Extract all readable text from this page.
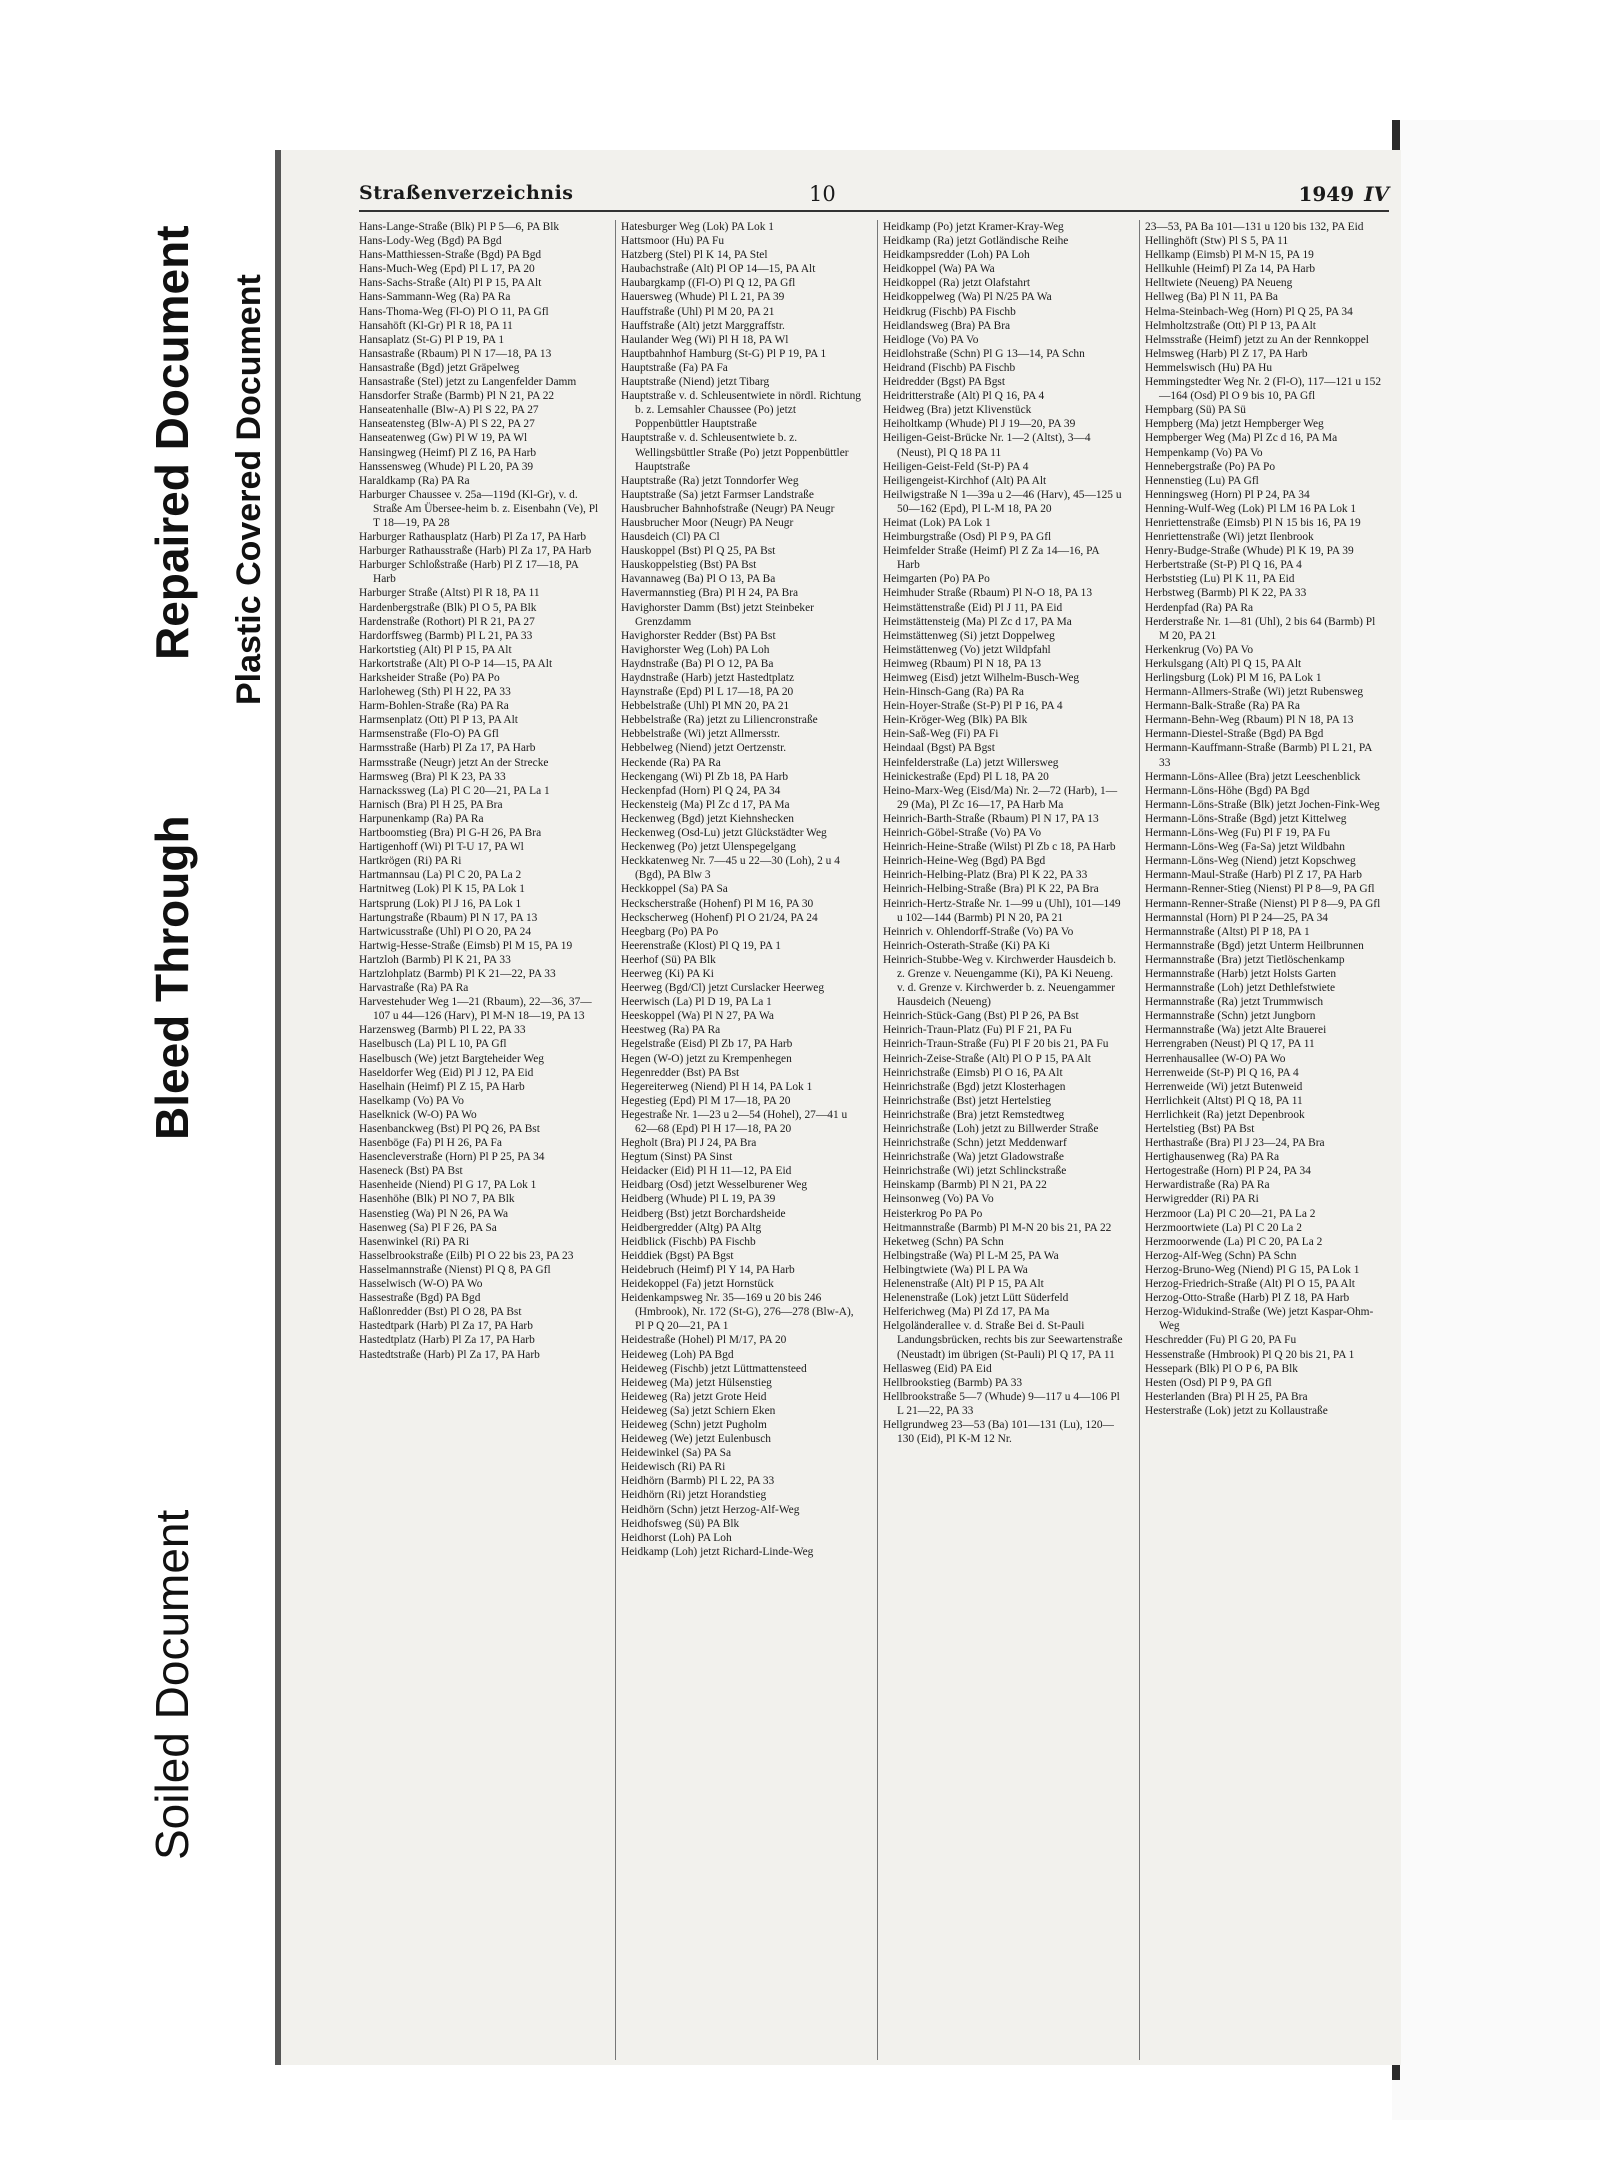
Soiled Document
Bleed Through
Repaired Document Plastic Covered Document
Straßenverzeichnis	10	1949 IV

Hans-Lange-Straße (Blk) Pl P 5—6, PA Blk

Hans-Lody-Weg (Bgd) PA Bgd

Hans-Matthiessen-Straße (Bgd) PA Bgd

Hans-Much-Weg (Epd) Pl L 17, PA 20

Hans-Sachs-Straße (Alt) Pl P 15, PA Alt

Hans-Sammann-Weg (Ra) PA Ra

Hans-Thoma-Weg (Fl-O) Pl O 11, PA Gfl

Hansahöft (Kl-Gr) Pl R 18, PA 11

Hansaplatz (St-G) Pl P 19, PA 1

Hansastraße (Rbaum) Pl N 17—18, PA 13

Hansastraße (Bgd) jetzt Gräpelweg

Hansastraße (Stel) jetzt zu Langenfelder Damm

Hansdorfer Straße (Barmb) Pl N 21, PA 22

Hanseatenhalle (Blw-A) Pl S 22, PA 27

Hanseatensteg (Blw-A) Pl S 22, PA 27

Hanseatenweg (Gw) Pl W 19, PA Wl

Hansingweg (Heimf) Pl Z 16, PA Harb

Hanssensweg (Whude) Pl L 20, PA 39

Haraldkamp (Ra) PA Ra

Harburger Chaussee v. 25a—119d (Kl-Gr), v. d. Straße Am Übersee-heim b. z. Eisenbahn (Ve), Pl T 18—19, PA 28

Harburger Rathausplatz (Harb) Pl Za 17, PA Harb

Harburger Rathausstraße (Harb) Pl Za 17, PA Harb

Harburger Schloßstraße (Harb) Pl Z 17—18, PA Harb

Harburger Straße (Altst) Pl R 18, PA 11

Hardenbergstraße (Blk) Pl O 5, PA Blk

Hardenstraße (Rothort) Pl R 21, PA 27

Hardorffsweg (Barmb) Pl L 21, PA 33

Harkortstieg (Alt) Pl P 15, PA Alt

Harkortstraße (Alt) Pl O-P 14—15, PA Alt

Harksheider Straße (Po) PA Po

Harloheweg (Sth) Pl H 22, PA 33

Harm-Bohlen-Straße (Ra) PA Ra

Harmsenplatz (Ott) Pl P 13, PA Alt

Harmsenstraße (Flo-O) PA Gfl

Harmsstraße (Harb) Pl Za 17, PA Harb

Harmsstraße (Neugr) jetzt An der Strecke

Harmsweg (Bra) Pl K 23, PA 33

Harnackssweg (La) Pl C 20—21, PA La 1

Harnisch (Bra) Pl H 25, PA Bra

Harpunenkamp (Ra) PA Ra

Hartboomstieg (Bra) Pl G-H 26, PA Bra

Hartigenhoff (Wi) Pl T-U 17, PA Wl

Hartkrögen (Ri) PA Ri

Hartmannsau (La) Pl C 20, PA La 2

Hartnitweg (Lok) Pl K 15, PA Lok 1

Hartsprung (Lok) Pl J 16, PA Lok 1

Hartungstraße (Rbaum) Pl N 17, PA 13

Hartwicusstraße (Uhl) Pl O 20, PA 24

Hartwig-Hesse-Straße (Eimsb) Pl M 15, PA 19

Hartzloh (Barmb) Pl K 21, PA 33

Hartzlohplatz (Barmb) Pl K 21—22, PA 33

Harvastraße (Ra) PA Ra

Harvestehuder Weg 1—21 (Rbaum), 22—36, 37—107 u 44—126 (Harv), Pl M-N 18—19, PA 13

Harzensweg (Barmb) Pl L 22, PA 33

Haselbusch (La) Pl L 10, PA Gfl

Haselbusch (We) jetzt Bargteheider Weg

Haseldorfer Weg (Eid) Pl J 12, PA Eid

Haselhain (Heimf) Pl Z 15, PA Harb

Haselkamp (Vo) PA Vo

Haselknick (W-O) PA Wo

Hasenbanckweg (Bst) Pl PQ 26, PA Bst

Hasenböge (Fa) Pl H 26, PA Fa

Hasencleverstraße (Horn) Pl P 25, PA 34

Haseneck (Bst) PA Bst

Hasenheide (Niend) Pl G 17, PA Lok 1

Hasenhöhe (Blk) Pl NO 7, PA Blk

Hasenstieg (Wa) Pl N 26, PA Wa

Hasenweg (Sa) Pl F 26, PA Sa

Hasenwinkel (Ri) PA Ri

Hasselbrookstraße (Eilb) Pl O 22 bis 23, PA 23

Hasselmannstraße (Nienst) Pl Q 8, PA Gfl

Hasselwisch (W-O) PA Wo

Hassestraße (Bgd) PA Bgd

Haßlonredder (Bst) Pl O 28, PA Bst

Hastedtpark (Harb) Pl Za 17, PA Harb

Hastedtplatz (Harb) Pl Za 17, PA Harb

Hastedtstraße (Harb) Pl Za 17, PA Harb

Hatesburger Weg (Lok) PA Lok 1

Hattsmoor (Hu) PA Fu

Hatzberg (Stel) Pl K 14, PA Stel

Haubachstraße (Alt) Pl OP 14—15, PA Alt

Haubargkamp ((Fl-O) Pl Q 12, PA Gfl

Hauersweg (Whude) Pl L 21, PA 39

Hauffstraße (Uhl) Pl M 20, PA 21

Hauffstraße (Alt) jetzt Marggraffstr.

Haulander Weg (Wi) Pl H 18, PA Wl

Hauptbahnhof Hamburg (St-G) Pl P 19, PA 1

Hauptstraße (Fa) PA Fa

Hauptstraße (Niend) jetzt Tibarg

Hauptstraße v. d. Schleusentwiete in nördl. Richtung b. z. Lemsahler Chaussee (Po) jetzt Poppenbüttler Hauptstraße

Hauptstraße v. d. Schleusentwiete b. z. Wellingsbüttler Straße (Po) jetzt Poppenbüttler Hauptstraße

Hauptstraße (Ra) jetzt Tonndorfer Weg

Hauptstraße (Sa) jetzt Farmser Landstraße

Hausbrucher Bahnhofstraße (Neugr) PA Neugr

Hausbrucher Moor (Neugr) PA Neugr

Hausdeich (Cl) PA Cl

Hauskoppel (Bst) Pl Q 25, PA Bst

Hauskoppelstieg (Bst) PA Bst

Havannaweg (Ba) Pl O 13, PA Ba

Havermannstieg (Bra) Pl H 24, PA Bra

Havighorster Damm (Bst) jetzt Steinbeker Grenzdamm

Havighorster Redder (Bst) PA Bst

Havighorster Weg (Loh) PA Loh

Haydnstraße (Ba) Pl O 12, PA Ba

Haydnstraße (Harb) jetzt Hastedtplatz

Haynstraße (Epd) Pl L 17—18, PA 20

Hebbelstraße (Uhl) Pl MN 20, PA 21

Hebbelstraße (Ra) jetzt zu Liliencronstraße

Hebbelstraße (Wi) jetzt Allmersstr.

Hebbelweg (Niend) jetzt Oertzenstr.

Heckende (Ra) PA Ra

Heckengang (Wi) Pl Zb 18, PA Harb

Heckenpfad (Horn) Pl Q 24, PA 34

Heckensteig (Ma) Pl Zc d 17, PA Ma

Heckenweg (Bgd) jetzt Kiehnshecken

Heckenweg (Osd-Lu) jetzt Glückstädter Weg

Heckenweg (Po) jetzt Ulenspegelgang

Heckkatenweg Nr. 7—45 u 22—30 (Loh), 2 u 4 (Bgd), PA Blw 3

Heckkoppel (Sa) PA Sa

Heckscherstraße (Hohenf) Pl M 16, PA 30

Heckscherweg (Hohenf) Pl O 21/24, PA 24

Heegbarg (Po) PA Po

Heerenstraße (Klost) Pl Q 19, PA 1

Heerhof (Sü) PA Blk

Heerweg (Ki) PA Ki

Heerweg (Bgd/Cl) jetzt Curslacker Heerweg

Heerwisch (La) Pl D 19, PA La 1

Heeskoppel (Wa) Pl N 27, PA Wa

Heestweg (Ra) PA Ra

Hegelstraße (Eisd) Pl Zb 17, PA Harb

Hegen (W-O) jetzt zu Krempenhegen

Hegenredder (Bst) PA Bst

Hegereiterweg (Niend) Pl H 14, PA Lok 1

Hegestieg (Epd) Pl M 17—18, PA 20

Hegestraße Nr. 1—23 u 2—54 (Hohel), 27—41 u 62—68 (Epd) Pl H 17—18, PA 20

Hegholt (Bra) Pl J 24, PA Bra

Hegtum (Sinst) PA Sinst

Heidacker (Eid) Pl H 11—12, PA Eid

Heidbarg (Osd) jetzt Wesselburener Weg

Heidberg (Whude) Pl L 19, PA 39

Heidberg (Bst) jetzt Borchardsheide

Heidbergredder (Altg) PA Altg

Heidblick (Fischb) PA Fischb

Heiddiek (Bgst) PA Bgst

Heidebruch (Heimf) Pl Y 14, PA Harb

Heidekoppel (Fa) jetzt Hornstück

Heidenkampsweg Nr. 35—169 u 20 bis 246 (Hmbrook), Nr. 172 (St-G), 276—278 (Blw-A), Pl P Q 20—21, PA 1

Heidestraße (Hohel) Pl M/17, PA 20

Heideweg (Loh) PA Bgd

Heideweg (Fischb) jetzt Lüttmattensteed

Heideweg (Ma) jetzt Hülsenstieg

Heideweg (Ra) jetzt Grote Heid

Heideweg (Sa) jetzt Schiern Eken

Heideweg (Schn) jetzt Pugholm

Heideweg (We) jetzt Eulenbusch

Heidewinkel (Sa) PA Sa

Heidewisch (Ri) PA Ri

Heidhörn (Barmb) Pl L 22, PA 33

Heidhörn (Ri) jetzt Horandstieg

Heidhörn (Schn) jetzt Herzog-Alf-Weg

Heidhofsweg (Sü) PA Blk

Heidhorst (Loh) PA Loh

Heidkamp (Loh) jetzt Richard-Linde-Weg

Heidkamp (Po) jetzt Kramer-Kray-Weg

Heidkamp (Ra) jetzt Gotländische Reihe

Heidkampsredder (Loh) PA Loh

Heidkoppel (Wa) PA Wa

Heidkoppel (Ra) jetzt Olafstahrt

Heidkoppelweg (Wa) Pl N/25 PA Wa

Heidkrug (Fischb) PA Fischb

Heidlandsweg (Bra) PA Bra

Heidloge (Vo) PA Vo

Heidlohstraße (Schn) Pl G 13—14, PA Schn

Heidrand (Fischb) PA Fischb

Heidredder (Bgst) PA Bgst

Heidritterstraße (Alt) Pl Q 16, PA 4

Heidweg (Bra) jetzt Klivenstück

Heiholtkamp (Whude) Pl J 19—20, PA 39

Heiligen-Geist-Brücke Nr. 1—2 (Altst), 3—4 (Neust), Pl Q 18 PA 11

Heiligen-Geist-Feld (St-P) PA 4

Heiligengeist-Kirchhof (Alt) PA Alt

Heilwigstraße N 1—39a u 2—46 (Harv), 45—125 u 50—162 (Epd), Pl L-M 18, PA 20

Heimat (Lok) PA Lok 1

Heimburgstraße (Osd) Pl P 9, PA Gfl

Heimfelder Straße (Heimf) Pl Z Za 14—16, PA Harb

Heimgarten (Po) PA Po

Heimhuder Straße (Rbaum) Pl N-O 18, PA 13

Heimstättenstraße (Eid) Pl J 11, PA Eid

Heimstättensteig (Ma) Pl Zc d 17, PA Ma

Heimstättenweg (Si) jetzt Doppelweg

Heimstättenweg (Vo) jetzt Wildpfahl

Heimweg (Rbaum) Pl N 18, PA 13

Heimweg (Eisd) jetzt Wilhelm-Busch-Weg

Hein-Hinsch-Gang (Ra) PA Ra

Hein-Hoyer-Straße (St-P) Pl P 16, PA 4

Hein-Kröger-Weg (Blk) PA Blk

Hein-Saß-Weg (Fi) PA Fi

Heindaal (Bgst) PA Bgst

Heinfelderstraße (La) jetzt Willersweg

Heinickestraße (Epd) Pl L 18, PA 20

Heino-Marx-Weg (Eisd/Ma) Nr. 2—72 (Harb), 1—29 (Ma), Pl Zc 16—17, PA Harb Ma

Heinrich-Barth-Straße (Rbaum) Pl N 17, PA 13

Heinrich-Göbel-Straße (Vo) PA Vo

Heinrich-Heine-Straße (Wilst) Pl Zb c 18, PA Harb

Heinrich-Heine-Weg (Bgd) PA Bgd

Heinrich-Helbing-Platz (Bra) Pl K 22, PA 33

Heinrich-Helbing-Straße (Bra) Pl K 22, PA Bra

Heinrich-Hertz-Straße Nr. 1—99 u (Uhl), 101—149 u 102—144 (Barmb) Pl N 20, PA 21

Heinrich v. Ohlendorff-Straße (Vo) PA Vo

Heinrich-Osterath-Straße (Ki) PA Ki

Heinrich-Stubbe-Weg v. Kirchwerder Hausdeich b. z. Grenze v. Neuengamme (Ki), PA Ki Neueng. v. d. Grenze v. Kirchwerder b. z. Neuengammer Hausdeich (Neueng)

Heinrich-Stück-Gang (Bst) Pl P 26, PA Bst

Heinrich-Traun-Platz (Fu) Pl F 21, PA Fu

Heinrich-Traun-Straße (Fu) Pl F 20 bis 21, PA Fu

Heinrich-Zeise-Straße (Alt) Pl O P 15, PA Alt

Heinrichstraße (Eimsb) Pl O 16, PA Alt

Heinrichstraße (Bgd) jetzt Klosterhagen

Heinrichstraße (Bst) jetzt Hertelstieg

Heinrichstraße (Bra) jetzt Remstedtweg

Heinrichstraße (Loh) jetzt zu Billwerder Straße

Heinrichstraße (Schn) jetzt Meddenwarf

Heinrichstraße (Wa) jetzt Gladowstraße

Heinrichstraße (Wi) jetzt Schlinckstraße

Heinskamp (Barmb) Pl N 21, PA 22

Heinsonweg (Vo) PA Vo

Heisterkrog Po PA Po

Heitmannstraße (Barmb) Pl M-N 20 bis 21, PA 22

Heketweg (Schn) PA Schn

Helbingstraße (Wa) Pl L-M 25, PA Wa

Helbingtwiete (Wa) Pl L PA Wa

Helenenstraße (Alt) Pl P 15, PA Alt

Helenenstraße (Lok) jetzt Lütt Süderfeld

Helferichweg (Ma) Pl Zd 17, PA Ma

Helgoländerallee v. d. Straße Bei d. St-Pauli Landungsbrücken, rechts bis zur Seewartenstraße (Neustadt) im übrigen (St-Pauli) Pl Q 17, PA 11

Hellasweg (Eid) PA Eid

Hellbrookstieg (Barmb) PA 33

Hellbrookstraße 5—7 (Whude) 9—117 u 4—106 Pl L 21—22, PA 33

Hellgrundweg 23—53 (Ba) 101—131 (Lu), 120—130 (Eid), Pl K-M 12 Nr.

23—53, PA Ba 101—131 u 120 bis 132, PA Eid

Hellinghöft (Stw) Pl S 5, PA 11

Hellkamp (Eimsb) Pl M-N 15, PA 19

Hellkuhle (Heimf) Pl Za 14, PA Harb

Helltwiete (Neueng) PA Neueng

Hellweg (Ba) Pl N 11, PA Ba

Helma-Steinbach-Weg (Horn) Pl Q 25, PA 34

Helmholtzstraße (Ott) Pl P 13, PA Alt

Helmsstraße (Heimf) jetzt zu An der Rennkoppel

Helmsweg (Harb) Pl Z 17, PA Harb

Hemmelswisch (Hu) PA Hu

Hemmingstedter Weg Nr. 2 (Fl-O), 117—121 u 152—164 (Osd) Pl O 9 bis 10, PA Gfl

Hempbarg (Sü) PA Sü

Hempberg (Ma) jetzt Hempberger Weg

Hempberger Weg (Ma) Pl Zc d 16, PA Ma

Hempenkamp (Vo) PA Vo

Hennebergstraße (Po) PA Po

Hennenstieg (Lu) PA Gfl

Henningsweg (Horn) Pl P 24, PA 34

Henning-Wulf-Weg (Lok) Pl LM 16 PA Lok 1

Henriettenstraße (Eimsb) Pl N 15 bis 16, PA 19

Henriettenstraße (Wi) jetzt Ilenbrook

Henry-Budge-Straße (Whude) Pl K 19, PA 39

Herbertstraße (St-P) Pl Q 16, PA 4

Herbststieg (Lu) Pl K 11, PA Eid

Herbstweg (Barmb) Pl K 22, PA 33

Herdenpfad (Ra) PA Ra

Herderstraße Nr. 1—81 (Uhl), 2 bis 64 (Barmb) Pl M 20, PA 21

Herkenkrug (Vo) PA Vo

Herkulsgang (Alt) Pl Q 15, PA Alt

Herlingsburg (Lok) Pl M 16, PA Lok 1

Hermann-Allmers-Straße (Wi) jetzt Rubensweg

Hermann-Balk-Straße (Ra) PA Ra

Hermann-Behn-Weg (Rbaum) Pl N 18, PA 13

Hermann-Diestel-Straße (Bgd) PA Bgd

Hermann-Kauffmann-Straße (Barmb) Pl L 21, PA 33

Hermann-Löns-Allee (Bra) jetzt Leeschenblick

Hermann-Löns-Höhe (Bgd) PA Bgd

Hermann-Löns-Straße (Blk) jetzt Jochen-Fink-Weg

Hermann-Löns-Straße (Bgd) jetzt Kittelweg

Hermann-Löns-Weg (Fu) Pl F 19, PA Fu

Hermann-Löns-Weg (Fa-Sa) jetzt Wildbahn

Hermann-Löns-Weg (Niend) jetzt Kopschweg

Hermann-Maul-Straße (Harb) Pl Z 17, PA Harb

Hermann-Renner-Stieg (Nienst) Pl P 8—9, PA Gfl

Hermann-Renner-Straße (Nienst) Pl P 8—9, PA Gfl

Hermannstal (Horn) Pl P 24—25, PA 34

Hermannstraße (Altst) Pl P 18, PA 1

Hermannstraße (Bgd) jetzt Unterm Heilbrunnen

Hermannstraße (Bra) jetzt Tietlöschenkamp

Hermannstraße (Harb) jetzt Holsts Garten

Hermannstraße (Loh) jetzt Dethlefstwiete

Hermannstraße (Ra) jetzt Trummwisch

Hermannstraße (Schn) jetzt Jungborn

Hermannstraße (Wa) jetzt Alte Brauerei

Herrengraben (Neust) Pl Q 17, PA 11

Herrenhausallee (W-O) PA Wo

Herrenweide (St-P) Pl Q 16, PA 4

Herrenweide (Wi) jetzt Butenweid

Herrlichkeit (Altst) Pl Q 18, PA 11

Herrlichkeit (Ra) jetzt Depenbrook

Hertelstieg (Bst) PA Bst

Herthastraße (Bra) Pl J 23—24, PA Bra

Hertighausenweg (Ra) PA Ra

Hertogestraße (Horn) Pl P 24, PA 34

Herwardistraße (Ra) PA Ra

Herwigredder (Ri) PA Ri

Herzmoor (La) Pl C 20—21, PA La 2

Herzmoortwiete (La) Pl C 20 La 2

Herzmoorwende (La) Pl C 20, PA La 2

Herzog-Alf-Weg (Schn) PA Schn

Herzog-Bruno-Weg (Niend) Pl G 15, PA Lok 1

Herzog-Friedrich-Straße (Alt) Pl O 15, PA Alt

Herzog-Otto-Straße (Harb) Pl Z 18, PA Harb

Herzog-Widukind-Straße (We) jetzt Kaspar-Ohm-Weg

Heschredder (Fu) Pl G 20, PA Fu

Hessenstraße (Hmbrook) Pl Q 20 bis 21, PA 1

Hessepark (Blk) Pl O P 6, PA Blk

Hesten (Osd) Pl P 9, PA Gfl

Hesterlanden (Bra) Pl H 25, PA Bra

Hesterstraße (Lok) jetzt zu Kollaustraße
